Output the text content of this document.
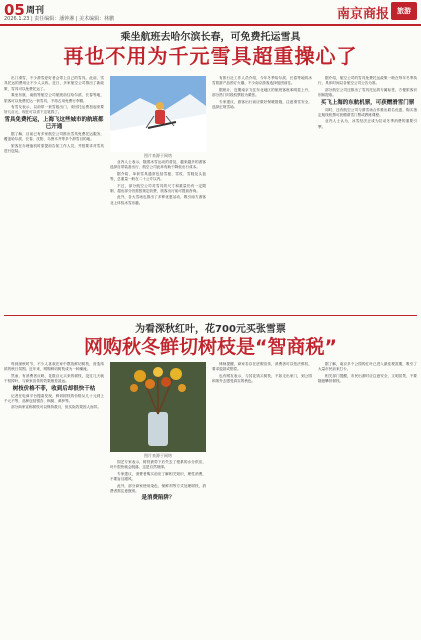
05 周刊
2026.1.23 | 责任编辑：潘钟淋 | 美术编辑：林鹏	南京商报	旅游
乘坐航班去哈尔滨长春，可免费托运雪具
再也不用为千元雪具超重操心了

出门滑雪，不少滑雪爱好者会带上自己的雪具。此前，雪具托运的费用让不少人头疼。近日，多家航空公司推出了新政策，雪具可以免费托运了。

乘坐东航、南航等航空公司航班前往哈尔滨、长春等地，旅客可以免费托运一套雪具，不再占用免费行李额。

有雪友表示，以前带一套雪板出门，来回托运费加起来要好几百元，现在可以省下这笔钱了。

雪具免费托运，上海飞这些城市的航班都已开通

据了解，目前已有多家航空公司推出雪具免费托运服务，覆盖哈尔滨、长春、沈阳、乌鲁木齐等多个滑雪目的地。

旅客在办理值机时需提前告知工作人员，并按要求对雪具进行包装。

图片来源于网络

业内人士表示，随着冰雪运动的普及，越来越多的游客选择自带装备出行，航空公司此举有助于降低出行成本。

据介绍，单套雪具通常包括雪板、雪杖、雪鞋及头盔等，总重量一般在二十公斤以内。

不过，部分航空公司对雪具的尺寸和重量仍有一定限制，超出部分仍需按规定收费，旅客出行前可提前咨询。

此外，各大雪场也推出了多种优惠活动，吸引南方游客北上体验冰雪乐趣。

有旅行社工作人员介绍，今年冬季哈尔滨、长春等地的冰雪旅游产品预订火爆，不少南京游客选择组团前往。

据统计，近期南京飞往东北地区的航班客座率明显上升，部分热门时段机票较为紧张。

专家建议，游客出行前应做好保暖措施，注意滑雪安全，选择正规雪场。

据介绍，航空公司的雪具免费托运政策一般在每年冬季执行，具体时间以各航空公司公告为准。

部分航空公司还推出了雪具托运的专属标签，方便旅客识别和提取。

买飞上海的东航机票，可获赠滑雪门票

同时，还有航空公司与滑雪场合作推出联名优惠，购买指定航线机票可获赠滑雪门票或教练课程。

业内人士认为，冰雪经济正成为拉动冬季消费的重要引擎。

为看深秋红叶，花700元买张雪票
网购秋冬鲜切树枝是“智商税”

每到深秋时节，不少人喜欢在家中摆放鲜切树枝，营造浓浓的秋日氛围。近年来，网购鲜切树枝成为一种潮流。

然而，有消费者反映，花数百元买来的树枝，没过几天就干枯掉叶，与商家宣传的效果相差甚远。

树枝价格不菲，收到后却很快干枯

记者在电商平台搜索发现，鲜切树枝的价格从几十元到上千元不等，品种包括银杏、枫树、黄栌等。

部分商家宣称树枝可以保持数月，但实际效果因人而异。

图片来源于网络

园艺专家表示，树枝被剪下后失去了根系的水分供应，叶片很快就会脱落，这是自然规律。

专家建议，消费者购买前应了解相关知识，理性消费，不要盲目跟风。

此外，部分商家使用染色、保鲜剂等方式处理树枝，消费者需注意甄别。

是消费陷阱？

律师提醒，商家若存在虚假宣传，消费者可以依法维权，要求退款或赔偿。

也有网友表示，与其花钱买树枝，不如走出家门，到公园和郊外去感受真实的秋色。

据了解，南京多个公园的红叶已进入最佳观赏期，吸引了大量市民前来打卡。

相关部门提醒，市民出游时应注意安全，文明赏景，不要随意攀折树枝。
